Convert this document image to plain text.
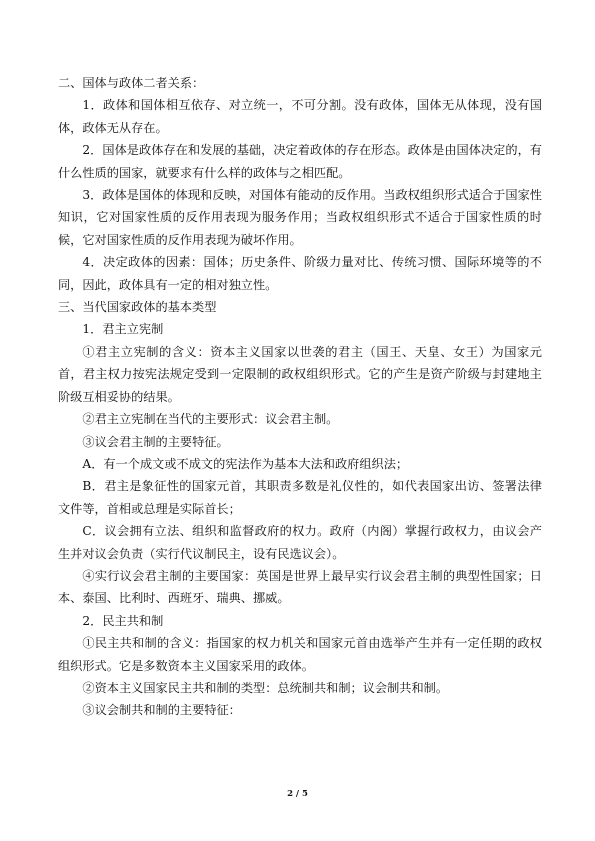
二、国体与政体二者关系：

1．政体和国体相互依存、对立统一，不可分割。没有政体，国体无从体现，没有国体，政体无从存在。

2．国体是政体存在和发展的基础，决定着政体的存在形态。政体是由国体决定的，有什么性质的国家，就要求有什么样的政体与之相匹配。

3．政体是国体的体现和反映，对国体有能动的反作用。当政权组织形式适合于国家性知识，它对国家性质的反作用表现为服务作用；当政权组织形式不适合于国家性质的时候，它对国家性质的反作用表现为破坏作用。

4．决定政体的因素：国体；历史条件、阶级力量对比、传统习惯、国际环境等的不同，因此，政体具有一定的相对独立性。

三、当代国家政体的基本类型

1．君主立宪制

①君主立宪制的含义：资本主义国家以世袭的君主（国王、天皇、女王）为国家元首，君主权力按宪法规定受到一定限制的政权组织形式。它的产生是资产阶级与封建地主阶级互相妥协的结果。

②君主立宪制在当代的主要形式：议会君主制。

③议会君主制的主要特征。

A．有一个成文或不成文的宪法作为基本大法和政府组织法；

B．君主是象征性的国家元首，其职责多数是礼仪性的，如代表国家出访、签署法律文件等，首相或总理是实际首长；

C．议会拥有立法、组织和监督政府的权力。政府（内阁）掌握行政权力，由议会产生并对议会负责（实行代议制民主，设有民选议会）。

④实行议会君主制的主要国家：英国是世界上最早实行议会君主制的典型性国家；日本、泰国、比利时、西班牙、瑞典、挪威。

2．民主共和制

①民主共和制的含义：指国家的权力机关和国家元首由选举产生并有一定任期的政权组织形式。它是多数资本主义国家采用的政体。

②资本主义国家民主共和制的类型：总统制共和制；议会制共和制。

③议会制共和制的主要特征：

2 / 5
